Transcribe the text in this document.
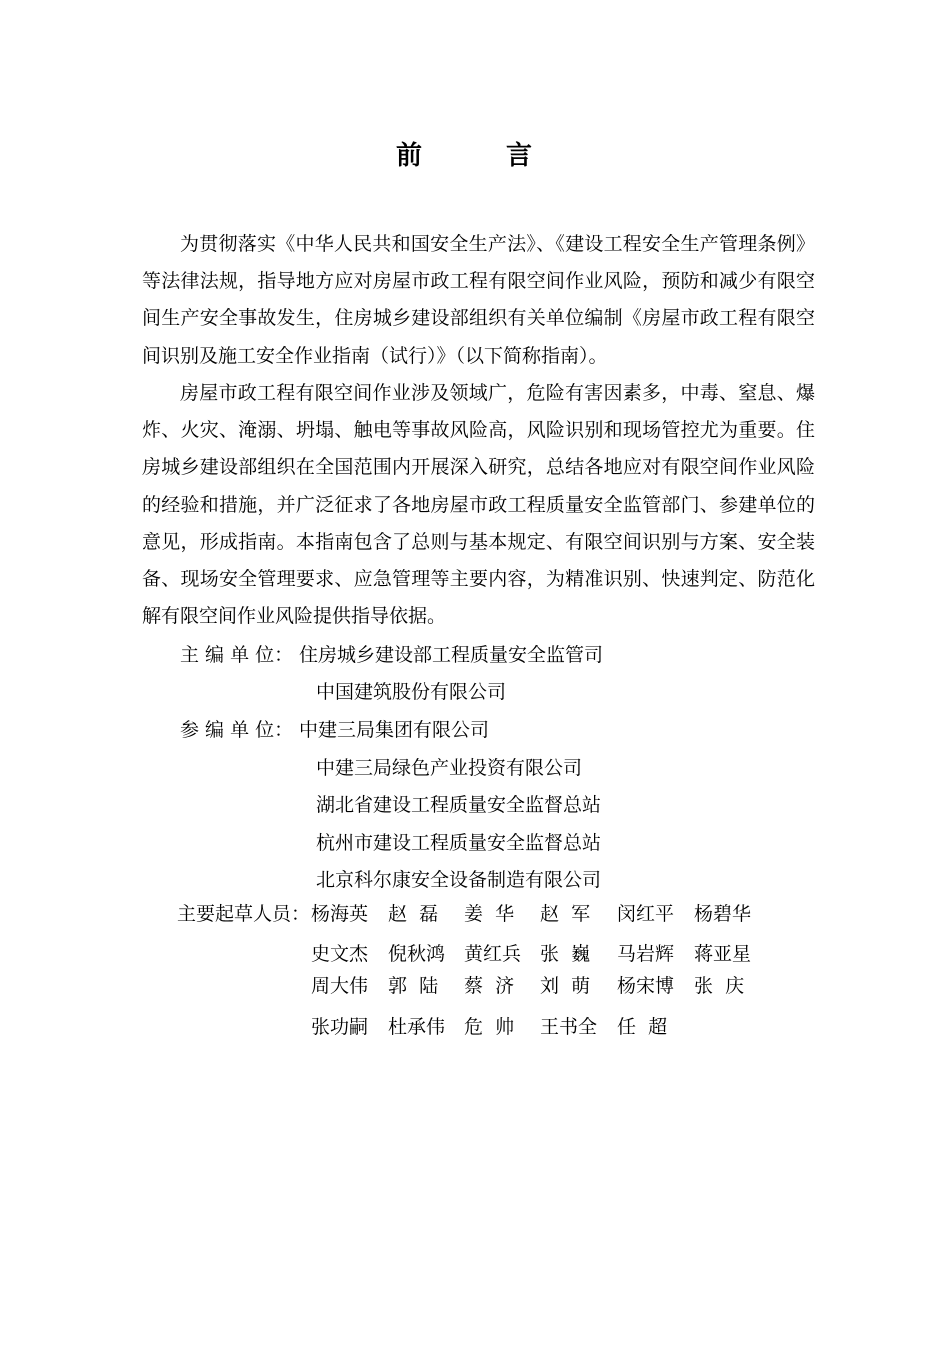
前  言

为贯彻落实《中华人民共和国安全生产法》、《建设工程安全生产管理条例》等法律法规，指导地方应对房屋市政工程有限空间作业风险，预防和减少有限空间生产安全事故发生，住房城乡建设部组织有关单位编制《房屋市政工程有限空间识别及施工安全作业指南（试行）》（以下简称指南）。

房屋市政工程有限空间作业涉及领域广，危险有害因素多，中毒、窒息、爆炸、火灾、淹溺、坍塌、触电等事故风险高，风险识别和现场管控尤为重要。住房城乡建设部组织在全国范围内开展深入研究，总结各地应对有限空间作业风险的经验和措施，并广泛征求了各地房屋市政工程质量安全监管部门、参建单位的意见，形成指南。本指南包含了总则与基本规定、有限空间识别与方案、安全装备、现场安全管理要求、应急管理等主要内容，为精准识别、快速判定、防范化解有限空间作业风险提供指导依据。

主 编 单 位： 住房城乡建设部工程质量安全监管司
中国建筑股份有限公司
参 编 单 位： 中建三局集团有限公司
中建三局绿色产业投资有限公司
湖北省建设工程质量安全监督总站
杭州市建设工程质量安全监督总站
北京科尔康安全设备制造有限公司
主要起草人员： 杨海英 赵  磊 姜  华 赵  军 闵红平 杨碧华
史文杰 倪秋鸿 黄红兵 张  巍 马岩辉 蒋亚星
周大伟 郭  陆 蔡  济 刘  萌 杨宋博 张  庆
张功嗣 杜承伟 危  帅 王书全 任  超
